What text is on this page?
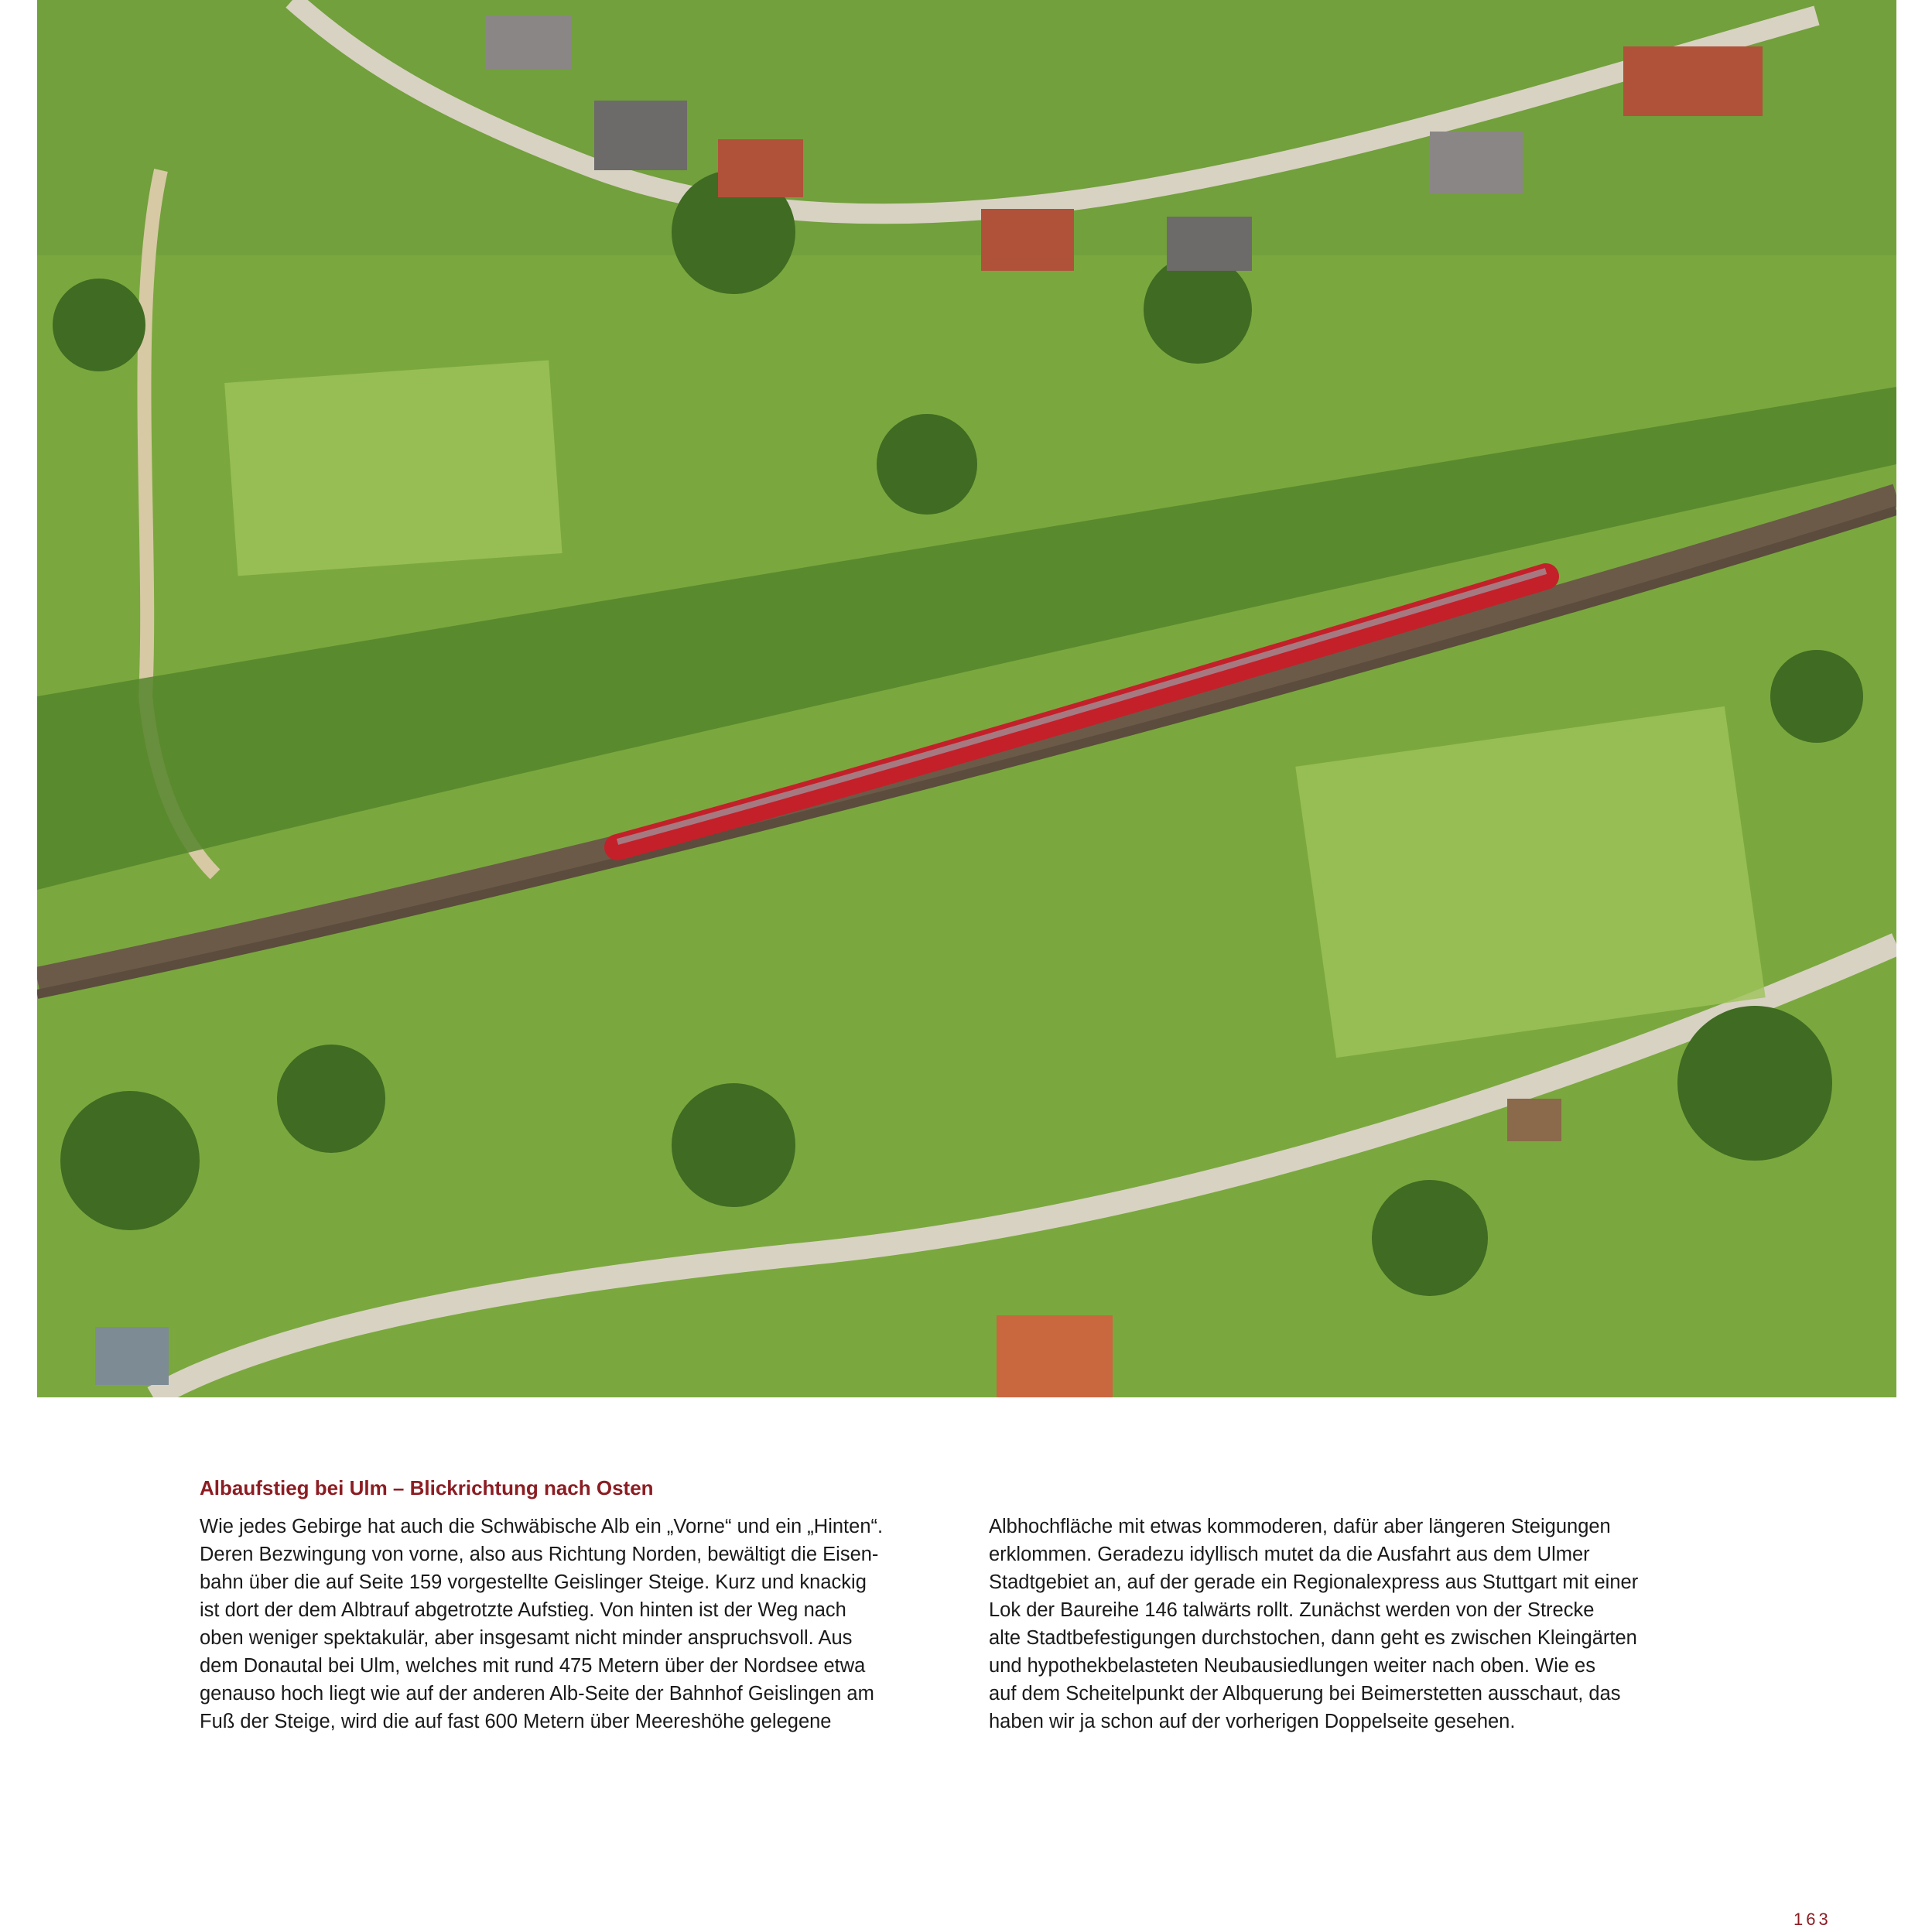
Albaufstieg bei Ulm – Blickrichtung nach Osten
Wie jedes Gebirge hat auch die Schwäbische Alb ein „Vorne“ und ein „Hinten“.
Deren Bezwingung von vorne, also aus Richtung Norden, bewältigt die Eisen-
bahn über die auf Seite 159 vorgestellte Geislinger Steige. Kurz und knackig
ist dort der dem Albtrauf abgetrotzte Aufstieg. Von hinten ist der Weg nach
oben weniger spektakulär, aber insgesamt nicht minder anspruchsvoll. Aus
dem Donautal bei Ulm, welches mit rund 475 Metern über der Nordsee etwa
genauso hoch liegt wie auf der anderen Alb-Seite der Bahnhof Geislingen am
Fuß der Steige, wird die auf fast 600 Metern über Meereshöhe gelegene
Albhochfläche mit etwas kommoderen, dafür aber längeren Steigungen
erklommen. Geradezu idyllisch mutet da die Ausfahrt aus dem Ulmer
Stadtgebiet an, auf der gerade ein Regionalexpress aus Stuttgart mit einer
Lok der Baureihe 146 talwärts rollt. Zunächst werden von der Strecke
alte Stadtbefestigungen durchstochen, dann geht es zwischen Kleingärten
und hypothekbelasteten Neubausiedlungen weiter nach oben. Wie es
auf dem Scheitelpunkt der Albquerung bei Beimerstetten ausschaut, das
haben wir ja schon auf der vorherigen Doppelseite gesehen.
163
